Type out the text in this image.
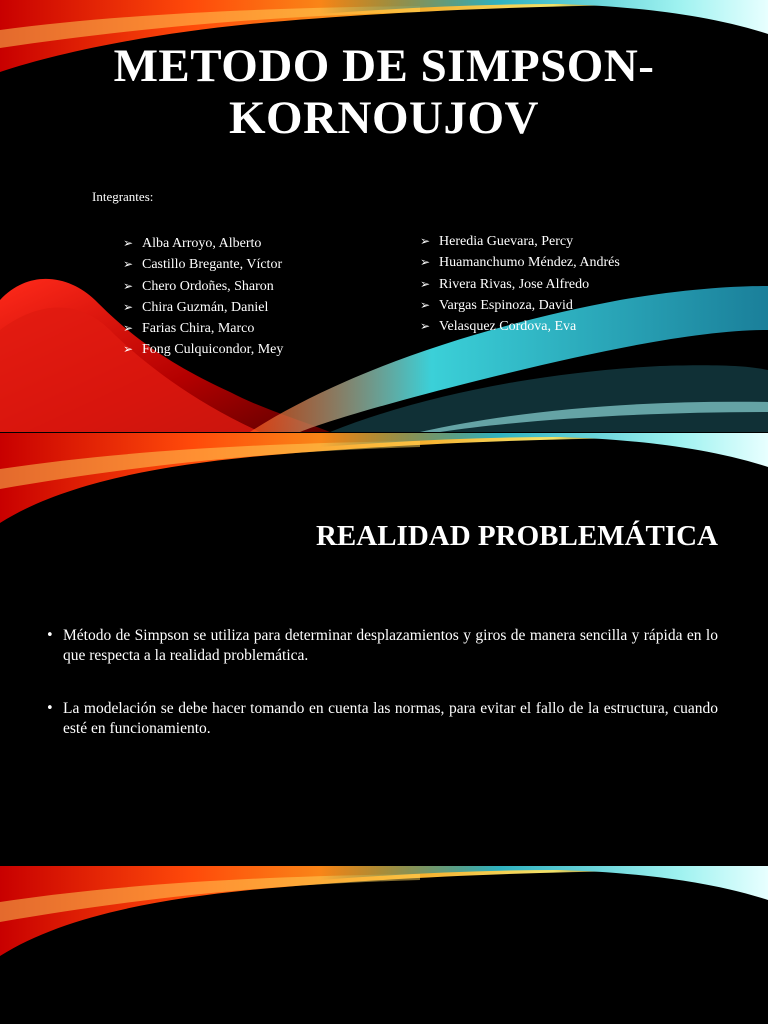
METODO DE SIMPSON-KORNOUJOV
Integrantes:
➢ Alba Arroyo, Alberto
➢ Castillo Bregante, Víctor
➢ Chero Ordoñes, Sharon
➢ Chira Guzmán, Daniel
➢ Farias Chira, Marco
➢ Fong Culquicondor, Mey
➢ Heredia Guevara, Percy
➢ Huamanchumo Méndez, Andrés
➢ Rivera Rivas, Jose Alfredo
➢ Vargas Espinoza, David
➢ Velasquez Cordova, Eva
REALIDAD PROBLEMÁTICA
• Método de Simpson se utiliza para determinar desplazamientos y giros de manera sencilla y rápida en lo que respecta a la realidad problemática.
• La modelación se debe hacer tomando en cuenta las normas, para evitar el fallo de la estructura, cuando esté en funcionamiento.
